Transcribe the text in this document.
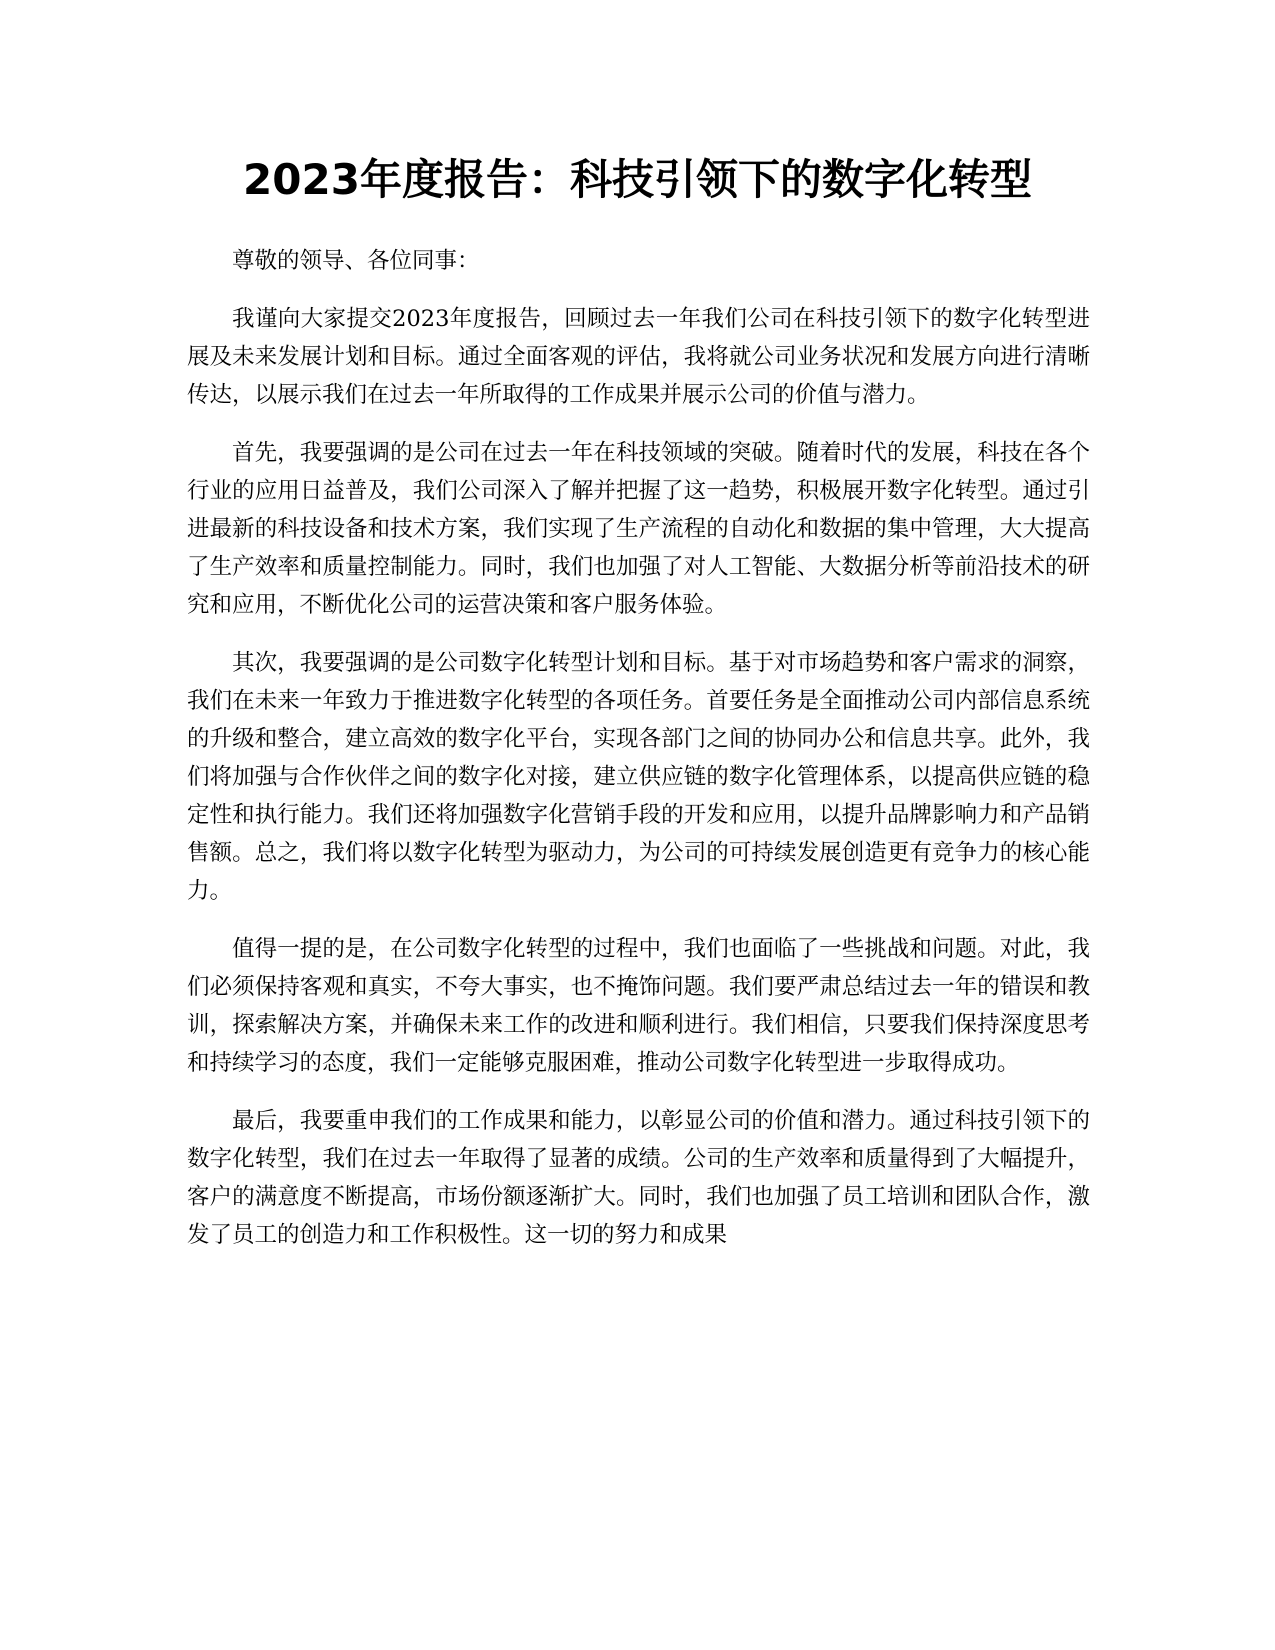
2023年度报告：科技引领下的数字化转型

尊敬的领导、各位同事：

我谨向大家提交2023年度报告，回顾过去一年我们公司在科技引领下的数字化转型进展及未来发展计划和目标。通过全面客观的评估，我将就公司业务状况和发展方向进行清晰传达，以展示我们在过去一年所取得的工作成果并展示公司的价值与潜力。

首先，我要强调的是公司在过去一年在科技领域的突破。随着时代的发展，科技在各个行业的应用日益普及，我们公司深入了解并把握了这一趋势，积极展开数字化转型。通过引进最新的科技设备和技术方案，我们实现了生产流程的自动化和数据的集中管理，大大提高了生产效率和质量控制能力。同时，我们也加强了对人工智能、大数据分析等前沿技术的研究和应用，不断优化公司的运营决策和客户服务体验。

其次，我要强调的是公司数字化转型计划和目标。基于对市场趋势和客户需求的洞察，我们在未来一年致力于推进数字化转型的各项任务。首要任务是全面推动公司内部信息系统的升级和整合，建立高效的数字化平台，实现各部门之间的协同办公和信息共享。此外，我们将加强与合作伙伴之间的数字化对接，建立供应链的数字化管理体系，以提高供应链的稳定性和执行能力。我们还将加强数字化营销手段的开发和应用，以提升品牌影响力和产品销售额。总之，我们将以数字化转型为驱动力，为公司的可持续发展创造更有竞争力的核心能力。

值得一提的是，在公司数字化转型的过程中，我们也面临了一些挑战和问题。对此，我们必须保持客观和真实，不夸大事实，也不掩饰问题。我们要严肃总结过去一年的错误和教训，探索解决方案，并确保未来工作的改进和顺利进行。我们相信，只要我们保持深度思考和持续学习的态度，我们一定能够克服困难，推动公司数字化转型进一步取得成功。

最后，我要重申我们的工作成果和能力，以彰显公司的价值和潜力。通过科技引领下的数字化转型，我们在过去一年取得了显著的成绩。公司的生产效率和质量得到了大幅提升，客户的满意度不断提高，市场份额逐渐扩大。同时，我们也加强了员工培训和团队合作，激发了员工的创造力和工作积极性。这一切的努力和成果
